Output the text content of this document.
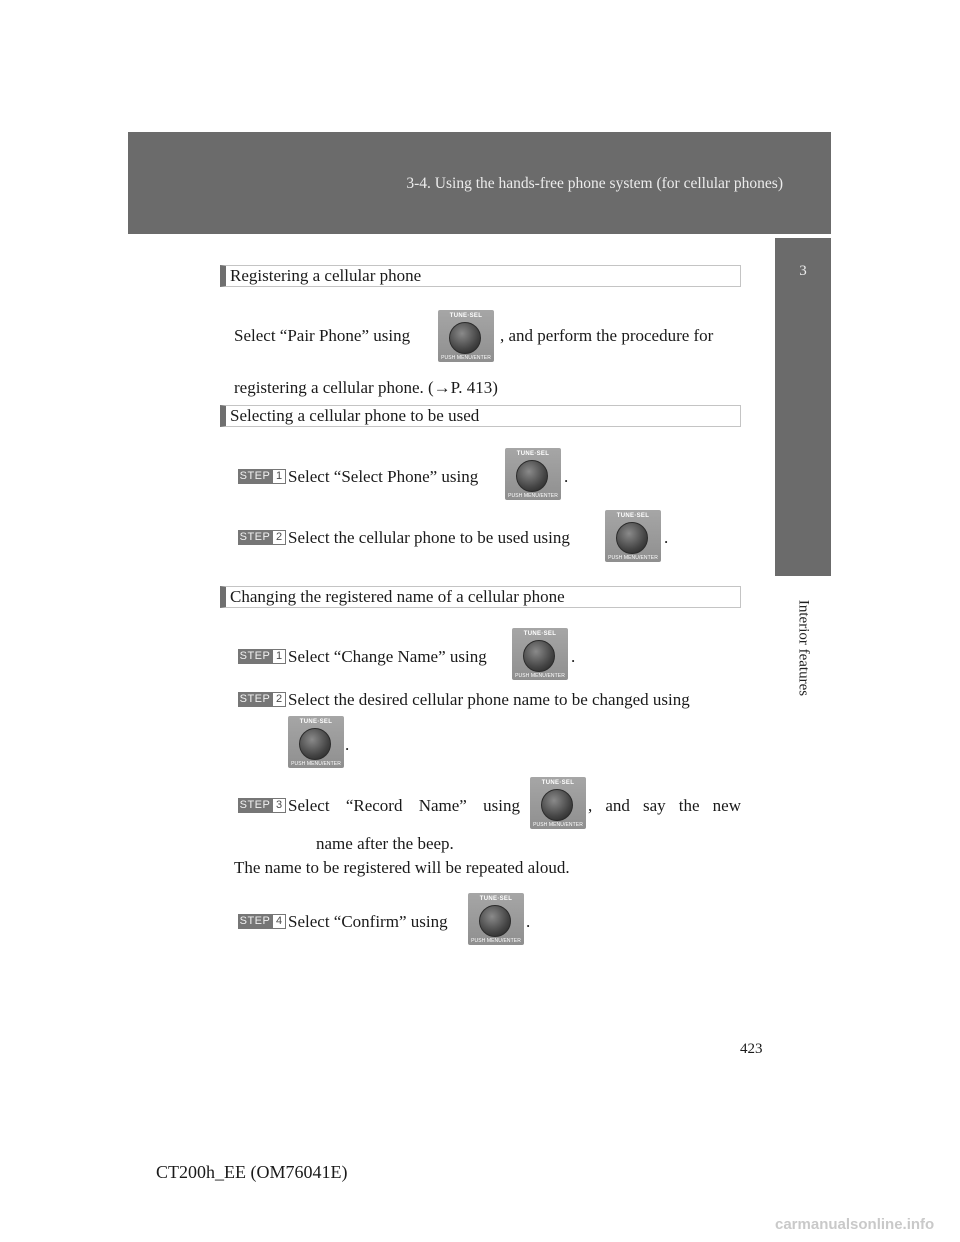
3-4. Using the hands-free phone system (for cellular phones)
3
Interior features
Registering a cellular phone
Select “Pair Phone” using
TUNE·SEL
PUSH MENU/ENTER
, and perform the procedure for
registering a cellular phone. (→P. 413)
Selecting a cellular phone to be used
STEP 1 Select “Select Phone” using
TUNE·SEL
PUSH MENU/ENTER
.
STEP 2 Select the cellular phone to be used using
TUNE·SEL
PUSH MENU/ENTER
.
Changing the registered name of a cellular phone
STEP 1 Select “Change Name” using
TUNE·SEL
PUSH MENU/ENTER
.
STEP 2 Select the desired cellular phone name to be changed using
TUNE·SEL
PUSH MENU/ENTER
.
STEP 3 Select “Record Name” using
TUNE·SEL
PUSH MENU/ENTER
, and say the new
name after the beep.
The name to be registered will be repeated aloud.
STEP 4 Select “Confirm” using
TUNE·SEL
PUSH MENU/ENTER
.
423
CT200h_EE (OM76041E)
carmanualsonline.info
